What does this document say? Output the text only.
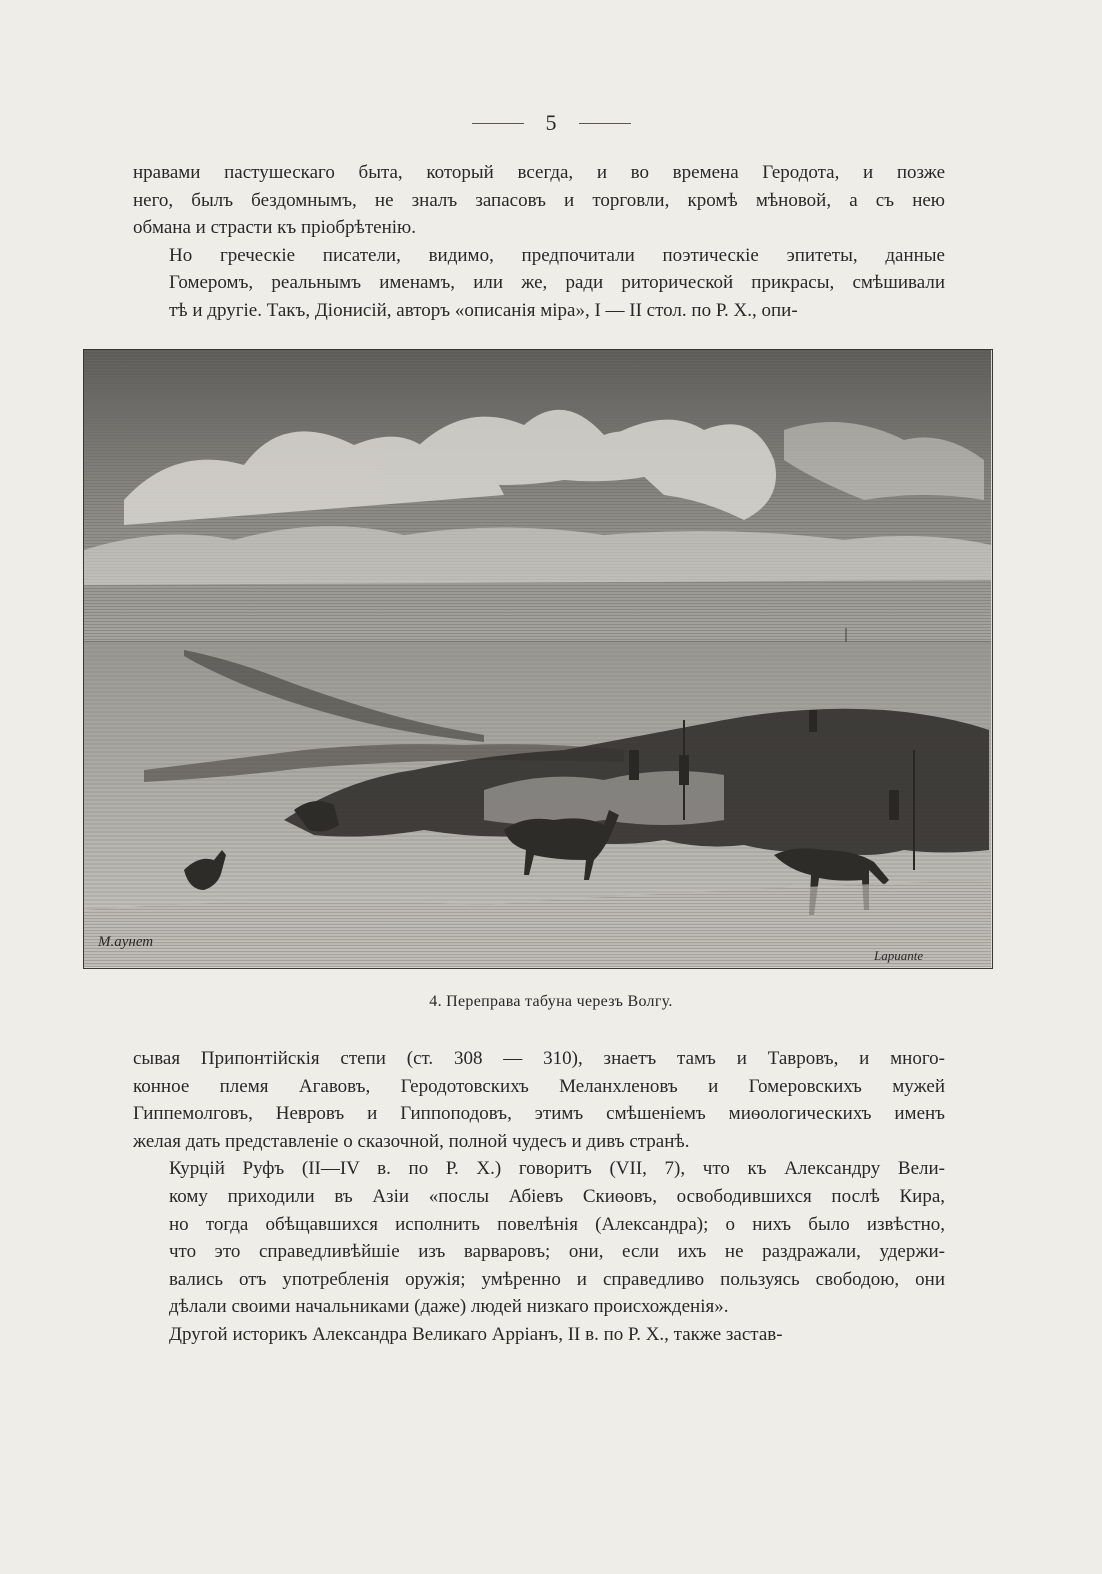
5

нравами пастушескаго быта, который всегда, и во времена Геродота, и позже
него, былъ бездомнымъ, не зналъ запасовъ и торговли, кромѣ мѣновой, а съ нею
обмана и страсти къ пріобрѣтенію.

Но греческіе писатели, видимо, предпочитали поэтическіе эпитеты, данные
Гомеромъ, реальнымъ именамъ, или же, ради риторической прикрасы, смѣшивали
тѣ и другіе. Такъ, Діонисій, авторъ «описанія міра», I — II стол. по Р. Х., опи-

M.ayнет
Lapuante
4. Переправа табуна черезъ Волгу.

сывая Припонтійскія степи (ст. 308 — 310), знаетъ тамъ и Тавровъ, и много-
конное племя Агавовъ, Геродотовскихъ Меланхленовъ и Гомеровскихъ мужей
Гиппемолговъ, Невровъ и Гиппоподовъ, этимъ смѣшеніемъ миѳологическихъ именъ
желая дать представленіе о сказочной, полной чудесъ и дивъ странѣ.

Курцій Руфъ (II—IV в. по Р. Х.) говоритъ (VII, 7), что къ Александру Вели-
кому приходили въ Азіи «послы Абіевъ Скиѳовъ, освободившихся послѣ Кира,
но тогда обѣщавшихся исполнить повелѣнія (Александра); о нихъ было извѣстно,
что это справедливѣйшіе изъ варваровъ; они, если ихъ не раздражали, удержи-
вались отъ употребленія оружія; умѣренно и справедливо пользуясь свободою, они
дѣлали своими начальниками (даже) людей низкаго происхожденія».

Другой историкъ Александра Великаго Арріанъ, II в. по Р. Х., также застав-
